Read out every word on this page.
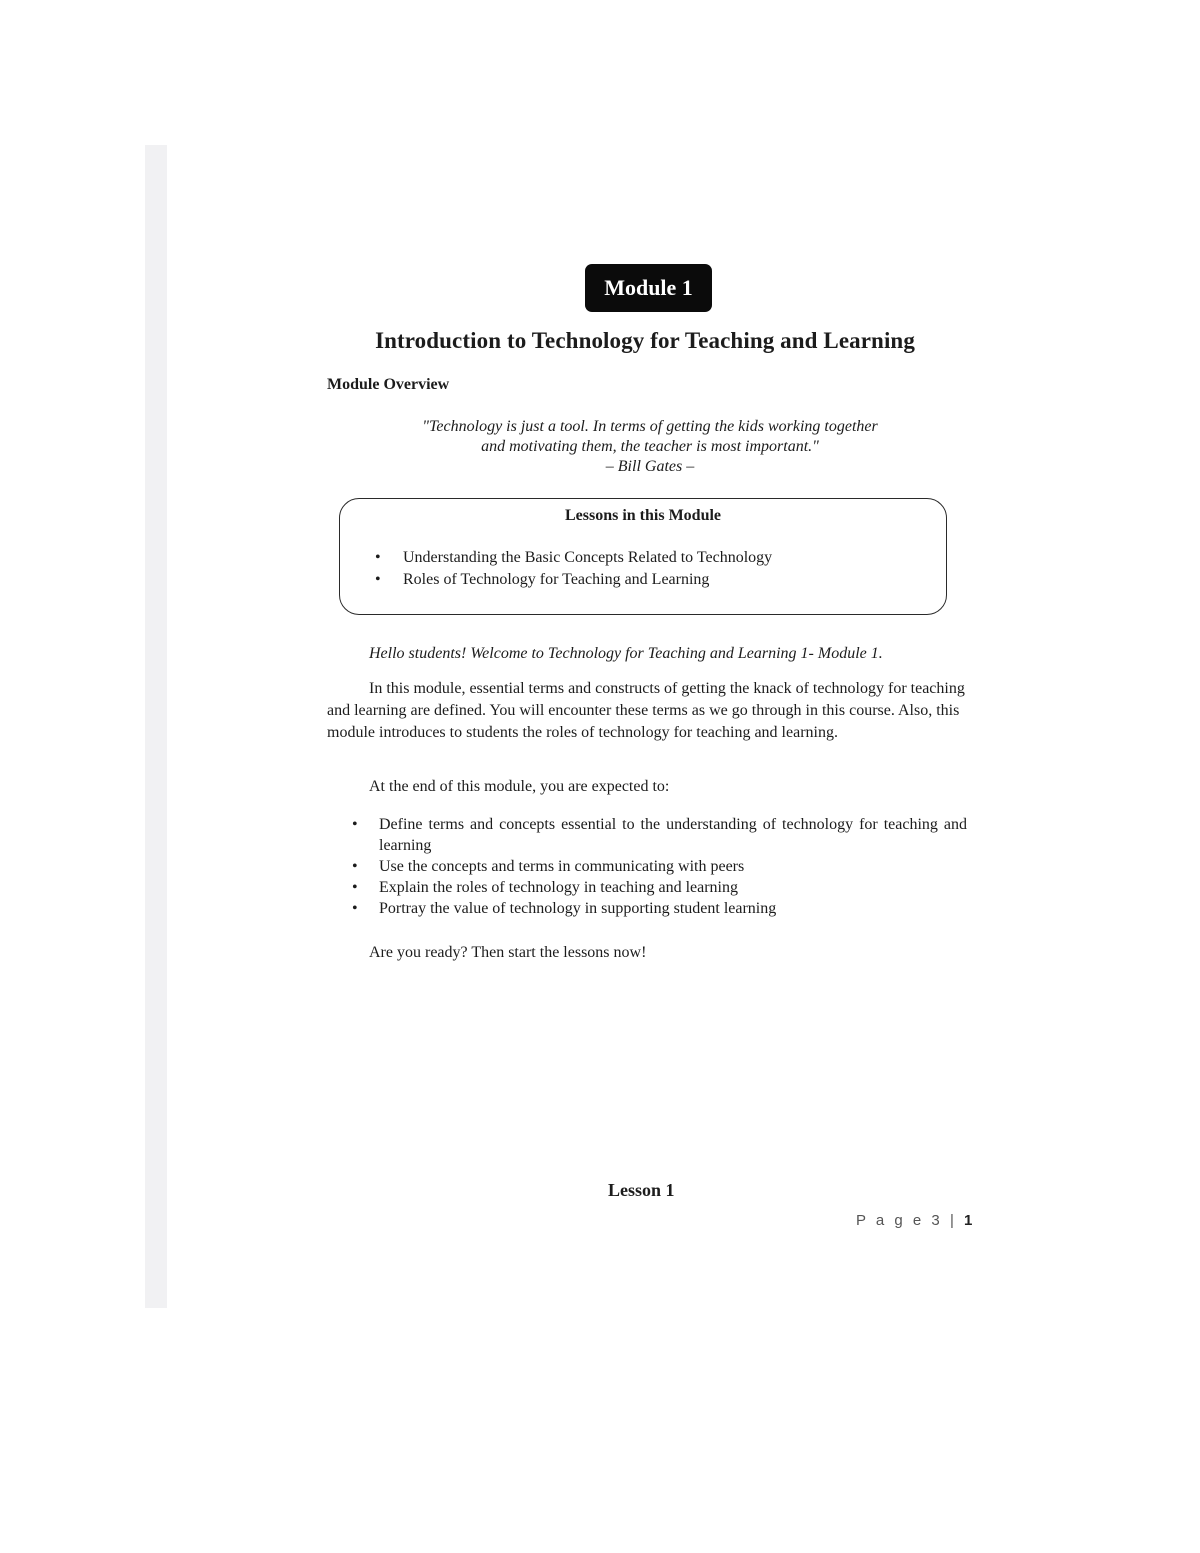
Module 1
Introduction to Technology for Teaching and Learning
Module Overview
"Technology is just a tool. In terms of getting the kids working together
and motivating them, the teacher is most important."
– Bill Gates –
Lessons in this Module
• Understanding the Basic Concepts Related to Technology
• Roles of Technology for Teaching and Learning
Hello students! Welcome to Technology for Teaching and Learning 1- Module 1.
In this module, essential terms and constructs of getting the knack of technology for teaching and learning are defined. You will encounter these terms as we go through in this course. Also, this module introduces to students the roles of technology for teaching and learning.
At the end of this module, you are expected to:
• Define terms and concepts essential to the understanding of technology for teaching and learning
• Use the concepts and terms in communicating with peers
• Explain the roles of technology in teaching and learning
• Portray the value of technology in supporting student learning
Are you ready? Then start the lessons now!
Lesson 1
P a g e 3 | 1
